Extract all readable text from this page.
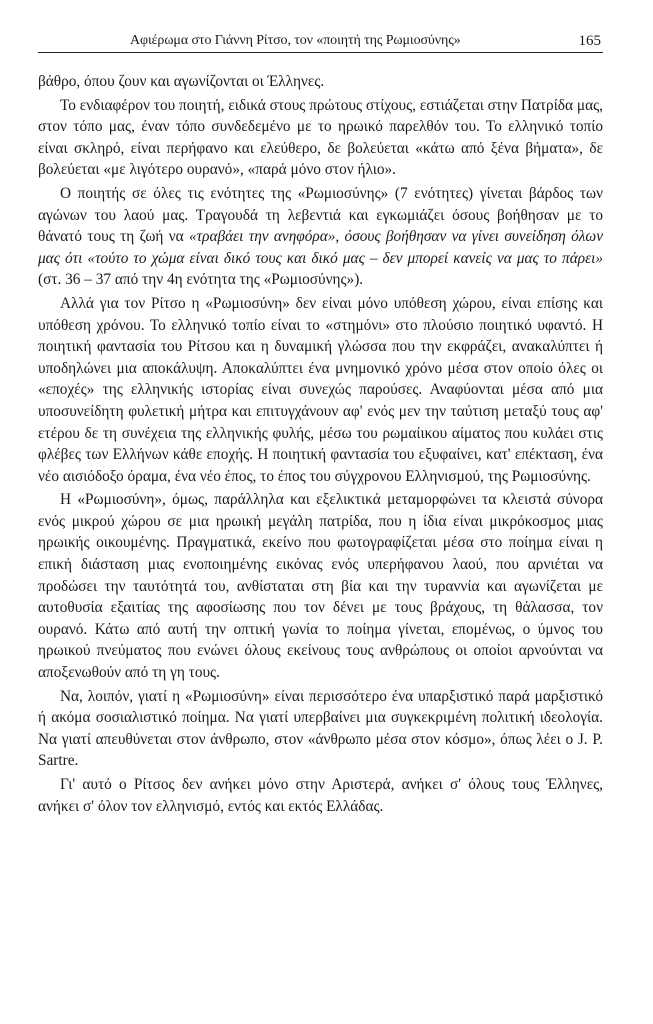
Αφιέρωμα στο Γιάννη Ρίτσο, τον «ποιητή της Ρωμιοσύνης»	165

βάθρο, όπου ζουν και αγωνίζονται οι Έλληνες.

Το ενδιαφέρον του ποιητή, ειδικά στους πρώτους στίχους, εστιάζεται στην Πατρίδα μας, στον τόπο μας, έναν τόπο συνδεδεμένο με το ηρωικό παρελθόν του. Το ελληνικό τοπίο είναι σκληρό, είναι περήφανο και ελεύθερο, δε βολεύεται «κάτω από ξένα βήματα», δε βολεύεται «με λιγότερο ουρανό», «παρά μόνο στον ήλιο».

Ο ποιητής σε όλες τις ενότητες της «Ρωμιοσύνης» (7 ενότητες) γίνεται βάρδος των αγώνων του λαού μας. Τραγουδά τη λεβεντιά και εγκωμιάζει όσους βοήθησαν με το θάνατό τους τη ζωή να «τραβάει την ανηφόρα», όσους βοήθησαν να γίνει συνείδηση όλων μας ότι «τούτο το χώμα είναι δικό τους και δικό μας – δεν μπορεί κανείς να μας το πάρει» (στ. 36 – 37 από την 4η ενότητα της «Ρωμιοσύνης»).

Αλλά για τον Ρίτσο η «Ρωμιοσύνη» δεν είναι μόνο υπόθεση χώρου, είναι επίσης και υπόθεση χρόνου. Το ελληνικό τοπίο είναι το «στημόνι» στο πλούσιο ποιητικό υφαντό. Η ποιητική φαντασία του Ρίτσου και η δυναμική γλώσσα που την εκφράζει, ανακαλύπτει ή υποδηλώνει μια αποκάλυψη. Αποκαλύπτει ένα μνημονικό χρόνο μέσα στον οποίο όλες οι «εποχές» της ελληνικής ιστορίας είναι συνεχώς παρούσες. Αναφύονται μέσα από μια υποσυνείδητη φυλετική μήτρα και επιτυγχάνουν αφ' ενός μεν την ταύτιση μεταξύ τους αφ' ετέρου δε τη συνέχεια της ελληνικής φυλής, μέσω του ρωμαίικου αίματος που κυλάει στις φλέβες των Ελλήνων κάθε εποχής. Η ποιητική φαντασία του εξυφαίνει, κατ' επέκταση, ένα νέο αισιόδοξο όραμα, ένα νέο έπος, το έπος του σύγχρονου Ελληνισμού, της Ρωμιοσύνης.

Η «Ρωμιοσύνη», όμως, παράλληλα και εξελικτικά μεταμορφώνει τα κλειστά σύνορα ενός μικρού χώρου σε μια ηρωική μεγάλη πατρίδα, που η ίδια είναι μικρόκοσμος μιας ηρωικής οικουμένης. Πραγματικά, εκείνο που φωτογραφίζεται μέσα στο ποίημα είναι η επική διάσταση μιας ενοποιημένης εικόνας ενός υπερήφανου λαού, που αρνιέται να προδώσει την ταυτότητά του, ανθίσταται στη βία και την τυραννία και αγωνίζεται με αυτοθυσία εξαιτίας της αφοσίωσης που τον δένει με τους βράχους, τη θάλασσα, τον ουρανό. Κάτω από αυτή την οπτική γωνία το ποίημα γίνεται, επομένως, ο ύμνος του ηρωικού πνεύματος που ενώνει όλους εκείνους τους ανθρώπους οι οποίοι αρνούνται να αποξενωθούν από τη γη τους.

Να, λοιπόν, γιατί η «Ρωμιοσύνη» είναι περισσότερο ένα υπαρξιστικό παρά μαρξιστικό ή ακόμα σοσιαλιστικό ποίημα. Να γιατί υπερβαίνει μια συγκεκριμένη πολιτική ιδεολογία. Να γιατί απευθύνεται στον άνθρωπο, στον «άνθρωπο μέσα στον κόσμο», όπως λέει ο J. P. Sartre.

Γι' αυτό ο Ρίτσος δεν ανήκει μόνο στην Αριστερά, ανήκει σ' όλους τους Έλληνες, ανήκει σ' όλον τον ελληνισμό, εντός και εκτός Ελλάδας.
